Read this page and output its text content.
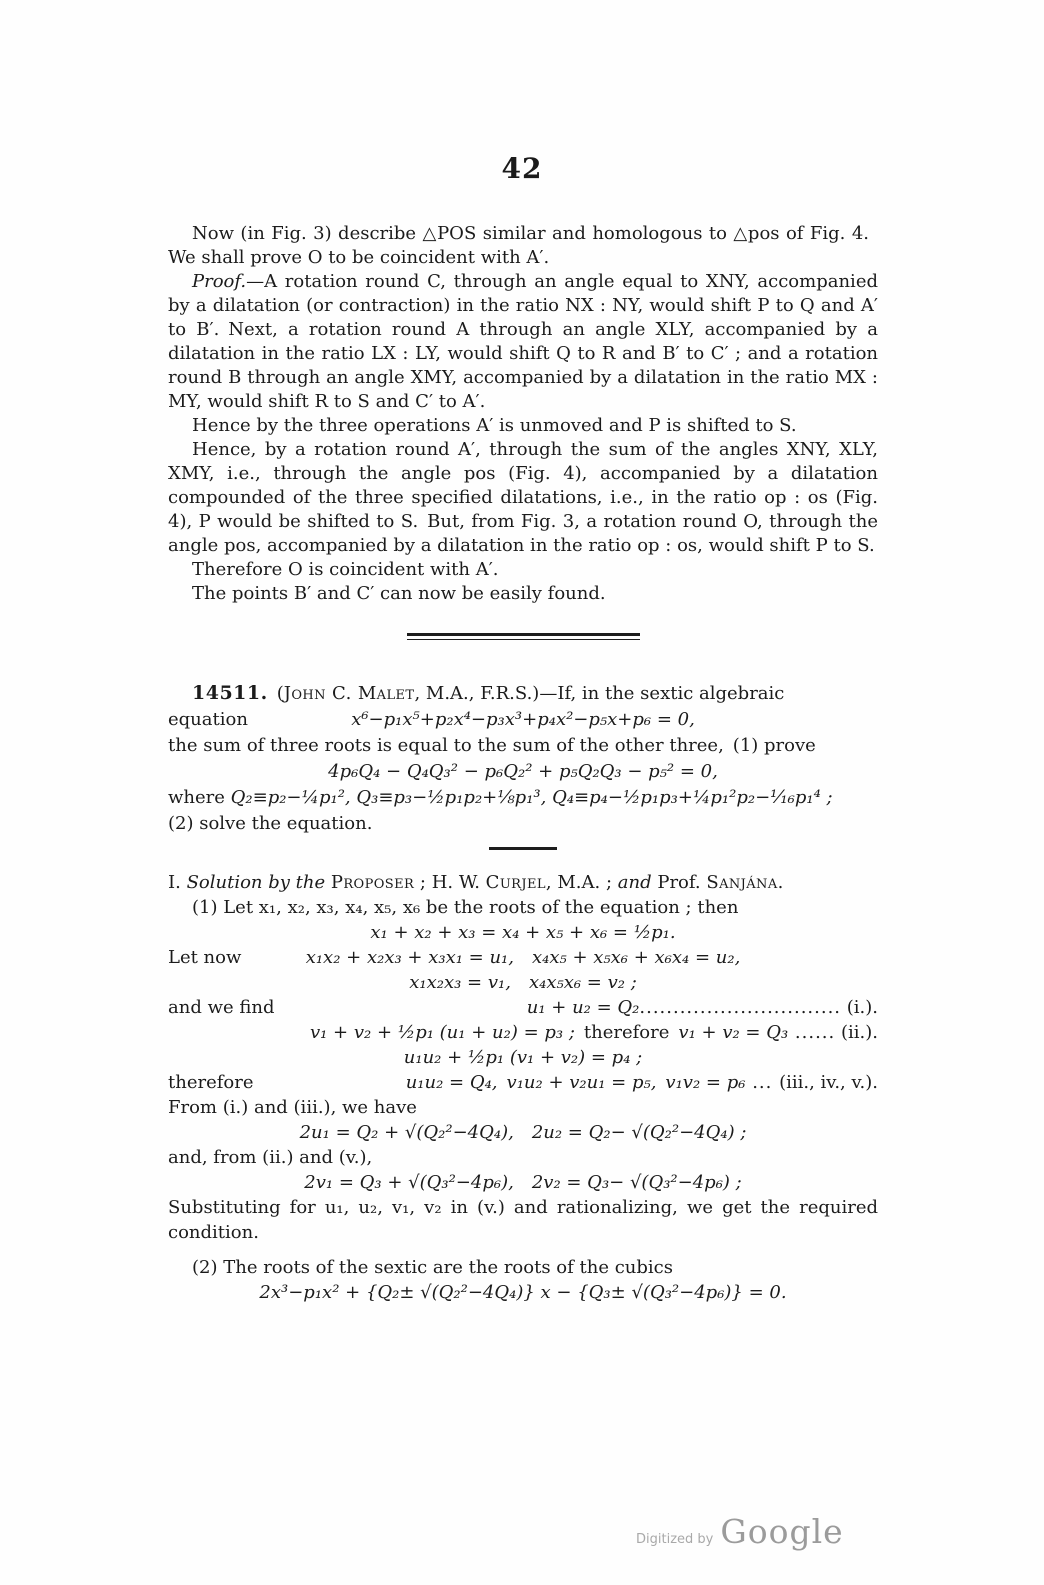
42

Now (in Fig. 3) describe △POS similar and homologous to △pos of Fig. 4. We shall prove O to be coincident with A′.

Proof.—A rotation round C, through an angle equal to XNY, accompanied by a dilatation (or contraction) in the ratio NX : NY, would shift P to Q and A′ to B′. Next, a rotation round A through an angle XLY, accompanied by a dilatation in the ratio LX : LY, would shift Q to R and B′ to C′ ; and a rotation round B through an angle XMY, accompanied by a dilatation in the ratio MX : MY, would shift R to S and C′ to A′.

Hence by the three operations A′ is unmoved and P is shifted to S.

Hence, by a rotation round A′, through the sum of the angles XNY, XLY, XMY, i.e., through the angle pos (Fig. 4), accompanied by a dilatation compounded of the three specified dilatations, i.e., in the ratio op : os (Fig. 4), P would be shifted to S. But, from Fig. 3, a rotation round O, through the angle pos, accompanied by a dilatation in the ratio op : os, would shift P to S.

Therefore O is coincident with A′.

The points B′ and C′ can now be easily found.

14511. (John C. Malet, M.A., F.R.S.)—If, in the sextic algebraic

equation	x⁶−p₁x⁵+p₂x⁴−p₃x³+p₄x²−p₅x+p₆ = 0,

the sum of three roots is equal to the sum of the other three, (1) prove

4p₆Q₄ − Q₄Q₃² − p₆Q₂² + p₅Q₂Q₃ − p₅² = 0,

where Q₂≡p₂−¼p₁², Q₃≡p₃−½p₁p₂+⅛p₁³, Q₄≡p₄−½p₁p₃+¼p₁²p₂−¹⁄₁₆p₁⁴ ;

(2) solve the equation.

I. Solution by the Proposer ; H. W. Curjel, M.A. ; and Prof. Sanjána.

(1) Let x₁, x₂, x₃, x₄, x₅, x₆ be the roots of the equation ; then

x₁ + x₂ + x₃ = x₄ + x₅ + x₆ = ½p₁.
Let now	x₁x₂ + x₂x₃ + x₃x₁ = u₁, x₄x₅ + x₅x₆ + x₆x₄ = u₂,
x₁x₂x₃ = v₁, x₄x₅x₆ = v₂ ;
and we find	u₁ + u₂ = Q₂.............................. (i.).
v₁ + v₂ + ½p₁ (u₁ + u₂) = p₃ ; therefore v₁ + v₂ = Q₃ ...... (ii.).
u₁u₂ + ½p₁ (v₁ + v₂) = p₄ ;
therefore	u₁u₂ = Q₄, v₁u₂ + v₂u₁ = p₅, v₁v₂ = p₆ ... (iii., iv., v.).

From (i.) and (iii.), we have

2u₁ = Q₂ + √(Q₂²−4Q₄), 2u₂ = Q₂− √(Q₂²−4Q₄) ;

and, from (ii.) and (v.),

2v₁ = Q₃ + √(Q₃²−4p₆), 2v₂ = Q₃− √(Q₃²−4p₆) ;

Substituting for u₁, u₂, v₁, v₂ in (v.) and rationalizing, we get the required condition.

(2) The roots of the sextic are the roots of the cubics

2x³−p₁x² + {Q₂± √(Q₂²−4Q₄)} x − {Q₃± √(Q₃²−4p₆)} = 0.
Digitized by Google
